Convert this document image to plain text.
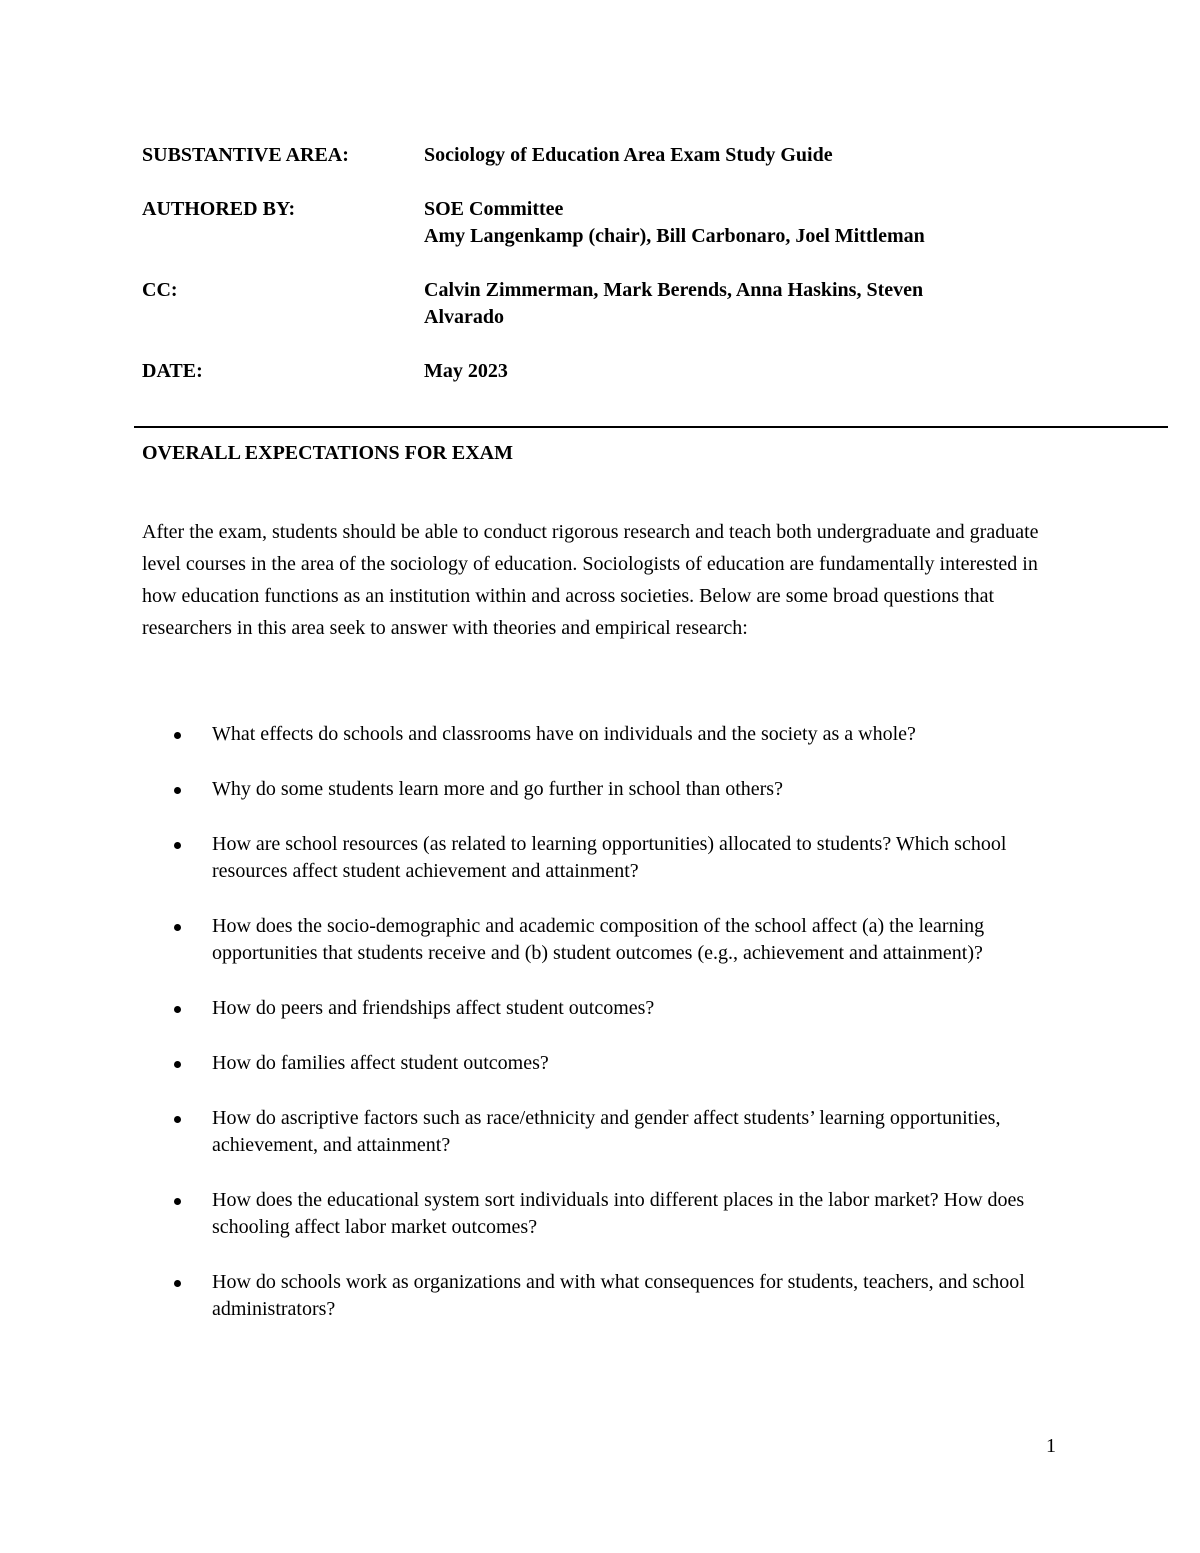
SUBSTANTIVE AREA:	Sociology of Education Area Exam Study Guide
AUTHORED BY:	SOE Committee
Amy Langenkamp (chair), Bill Carbonaro, Joel Mittleman
CC:	Calvin Zimmerman, Mark Berends, Anna Haskins, Steven
Alvarado
DATE:	May 2023
OVERALL EXPECTATIONS FOR EXAM

After the exam, students should be able to conduct rigorous research and teach both undergraduate and graduate level courses in the area of the sociology of education. Sociologists of education are fundamentally interested in how education functions as an institution within and across societies. Below are some broad questions that researchers in this area seek to answer with theories and empirical research:

What effects do schools and classrooms have on individuals and the society as a whole?
Why do some students learn more and go further in school than others?
How are school resources (as related to learning opportunities) allocated to students? Which school resources affect student achievement and attainment?
How does the socio-demographic and academic composition of the school affect (a) the learning opportunities that students receive and (b) student outcomes (e.g., achievement and attainment)?
How do peers and friendships affect student outcomes?
How do families affect student outcomes?
How do ascriptive factors such as race/ethnicity and gender affect students’ learning opportunities, achievement, and attainment?
How does the educational system sort individuals into different places in the labor market? How does schooling affect labor market outcomes?
How do schools work as organizations and with what consequences for students, teachers, and school administrators?
1
